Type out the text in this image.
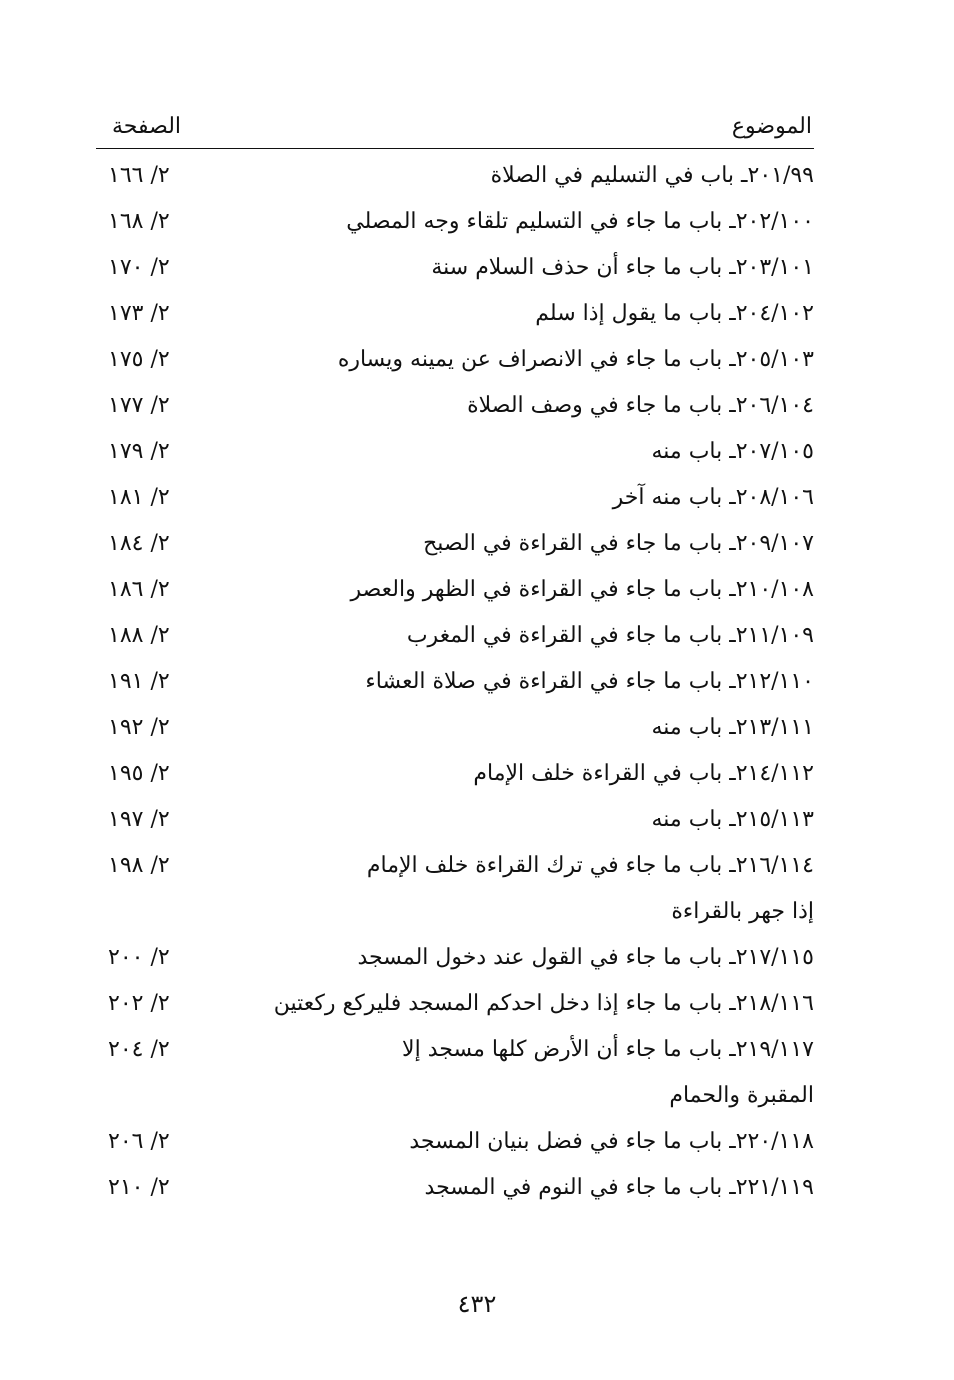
الموضوع
الصفحة
٢٠١/٩٩ـ باب في التسليم في الصلاة
٢/ ١٦٦
٢٠٢/١٠٠ـ باب ما جاء في التسليم تلقاء وجه المصلي
٢/ ١٦٨
٢٠٣/١٠١ـ باب ما جاء أن حذف السلام سنة
٢/ ١٧٠
٢٠٤/١٠٢ـ باب ما يقول إذا سلم
٢/ ١٧٣
٢٠٥/١٠٣ـ باب ما جاء في الانصراف عن يمينه ويساره
٢/ ١٧٥
٢٠٦/١٠٤ـ باب ما جاء في وصف الصلاة
٢/ ١٧٧
٢٠٧/١٠٥ـ باب منه
٢/ ١٧٩
٢٠٨/١٠٦ـ باب منه آخر
٢/ ١٨١
٢٠٩/١٠٧ـ باب ما جاء في القراءة في الصبح
٢/ ١٨٤
٢١٠/١٠٨ـ باب ما جاء في القراءة في الظهر والعصر
٢/ ١٨٦
٢١١/١٠٩ـ باب ما جاء في القراءة في المغرب
٢/ ١٨٨
٢١٢/١١٠ـ باب ما جاء في القراءة في صلاة العشاء
٢/ ١٩١
٢١٣/١١١ـ باب منه
٢/ ١٩٢
٢١٤/١١٢ـ باب في القراءة خلف الإمام
٢/ ١٩٥
٢١٥/١١٣ـ باب منه
٢/ ١٩٧
٢١٦/١١٤ـ باب ما جاء في ترك القراءة خلف الإمام
٢/ ١٩٨
إذا جهر بالقراءة
٢١٧/١١٥ـ باب ما جاء في القول عند دخول المسجد
٢/ ٢٠٠
٢١٨/١١٦ـ باب ما جاء إذا دخل احدكم المسجد فليركع ركعتين
٢/ ٢٠٢
٢١٩/١١٧ـ باب ما جاء أن الأرض كلها مسجد إلا
٢/ ٢٠٤
المقبرة والحمام
٢٢٠/١١٨ـ باب ما جاء في فضل بنيان المسجد
٢/ ٢٠٦
٢٢١/١١٩ـ باب ما جاء في النوم في المسجد
٢/ ٢١٠
٤٣٢
